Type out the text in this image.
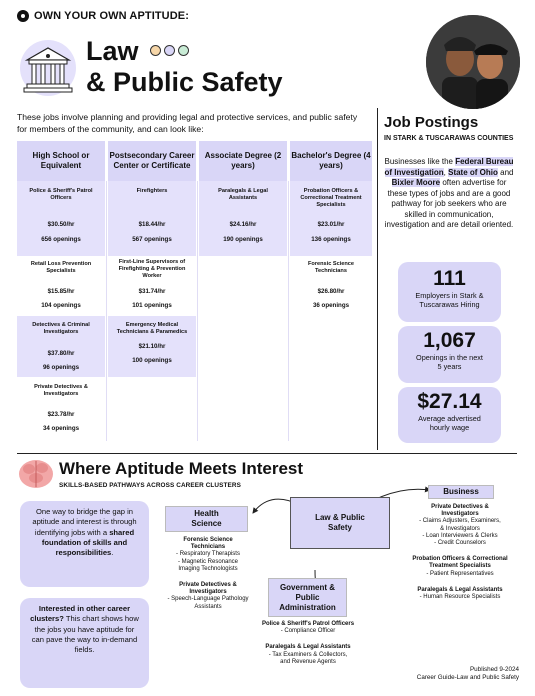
OWN YOUR OWN APTITUDE:
Law
& Public Safety
These jobs involve planning and providing legal and protective services, and public safety for members of the community, and can look like:
High School or Equivalent
Postsecondary Career Center or Certificate
Associate Degree (2 years)
Bachelor's Degree (4 years)
Police & Sheriff's Patrol Officers
$30.50/hr
656 openings
Retail Loss Prevention Specialists
$15.85/hr
104 openings
Detectives & Criminal Investigators
$37.80/hr
96 openings
Private Detectives & Investigators
$23.78/hr
34 openings
Firefighters
$18.44/hr
567 openings
First-Line Supervisors of Firefighting & Prevention Worker
$31.74/hr
101 openings
Emergency Medical Technicians & Paramedics
$21.10/hr
100 openings
Paralegals & Legal Assistants
$24.16/hr
190 openings
Probation Officers & Correctional Treatment Specialists
$23.01/hr
136 openings
Forensic Science Technicians
$26.80/hr
36 openings
Job Postings
IN STARK & TUSCARAWAS COUNTIES
Businesses like the Federal Bureau of Investigation, State of Ohio and Bixler Moore often advertise for these types of jobs and are a good pathway for job seekers who are skilled in communication, investigation and are detail oriented.
111
Employers in Stark & Tuscarawas Hiring
1,067
Openings in the next 5 years
$27.14
Average advertised hourly wage
Where Aptitude Meets Interest
SKILLS-BASED PATHWAYS ACROSS CAREER CLUSTERS
One way to bridge the gap in aptitude and interest is through identifying jobs with a shared foundation of skills and responsibilities.
Interested in other career clusters? This chart shows how the jobs you have aptitude for can pave the way to in-demand fields.
Law & Public Safety
Health Science
Forensic Science Technicians
- Respiratory Therapists
- Magnetic Resonance Imaging Technologists
Private Detectives & Investigators
- Speech-Language Pathology Assistants
Government & Public Administration
Police & Sheriff's Patrol Officers
- Compliance Officer
Paralegals & Legal Assistants
- Tax Examiners & Collectors,
and Revenue Agents
Business
Private Detectives & Investigators
- Claims Adjusters, Examiners,
& Investigators
- Loan Interviewers & Clerks
- Credit Counselors
Probation Officers & Correctional Treatment Specialists
- Patient Representatives
Paralegals & Legal Assistants
- Human Resource Specialists
Published 9-2024
Career Guide-Law and Public Safety
